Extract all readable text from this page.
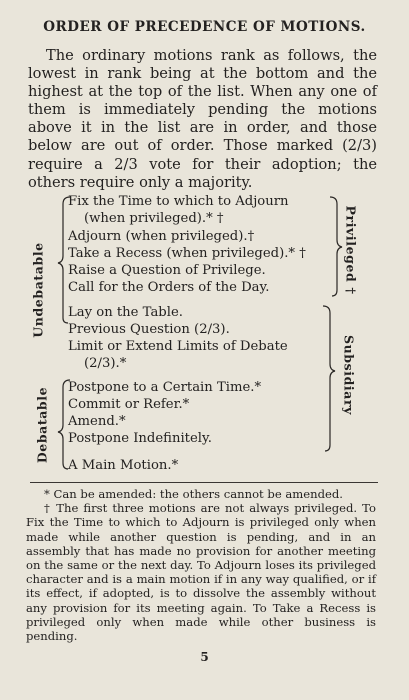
ORDER OF PRECEDENCE OF MOTIONS.

The ordinary motions rank as follows, the lowest in rank being at the bottom and the highest at the top of the list. When any one of them is immediately pending the motions above it in the list are in order, and those below are out of order. Those marked (2/3) require a 2/3 vote for their adoption; the others require only a majority.

Undebatable
Debatable
Privileged †
Subsidiary
Fix the Time to which to Adjourn
(when privileged).* †
Adjourn (when privileged).†
Take a Recess (when privileged).* †
Raise a Question of Privilege.
Call for the Orders of the Day.
Lay on the Table.
Previous Question (2/3).
Limit or Extend Limits of Debate
(2/3).*
Postpone to a Certain Time.*
Commit or Refer.*
Amend.*
Postpone Indefinitely.
A Main Motion.*

* Can be amended: the others cannot be amended.

† The first three motions are not always privileged. To Fix the Time to which to Adjourn is privileged only when made while another question is pending, and in an assembly that has made no provision for another meeting on the same or the next day. To Adjourn loses its privileged character and is a main motion if in any way qualified, or if its effect, if adopted, is to dissolve the assembly without any provision for its meeting again. To Take a Recess is privileged only when made while other business is pending.

5
